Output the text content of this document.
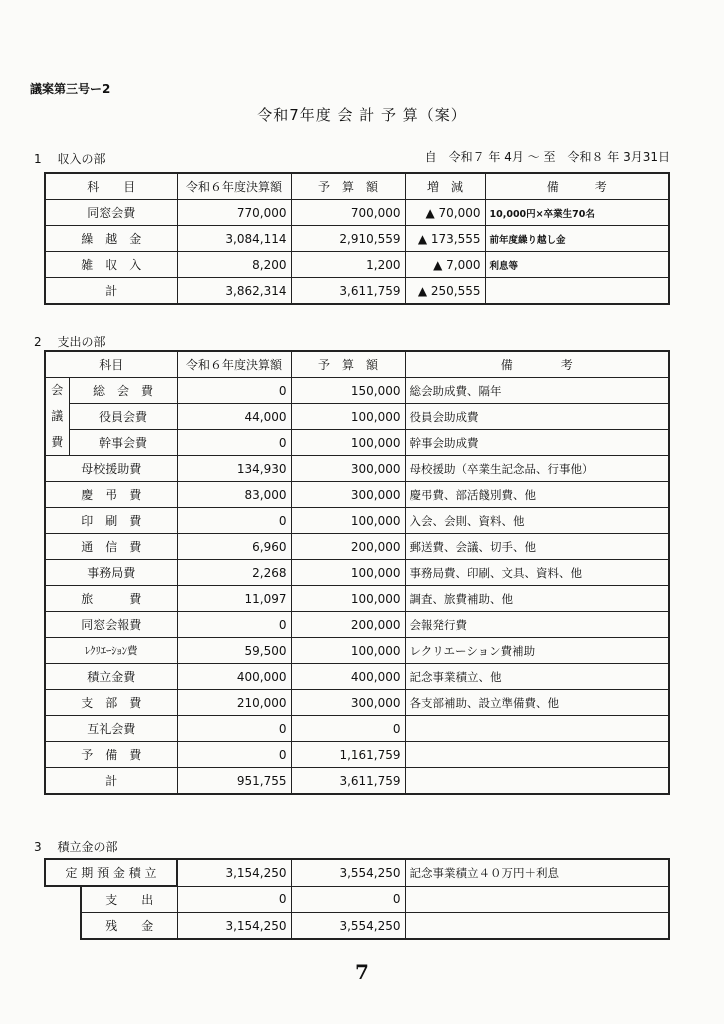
議案第三号ー2
令和7年度 会 計 予 算（案）
1　 収入の部	自　令和７ 年 4月 ～ 至　令和８ 年 3月31日
科　　目	令和６年度決算額	予　算　額	増　減	備　　　考
同窓会費	770,000	700,000	▲ 70,000	10,000円×卒業生70名
繰　越　金	3,084,114	2,910,559	▲ 173,555	前年度繰り越し金
雑　収　入	8,200	1,200	▲ 7,000	利息等
計	3,862,314	3,611,759	▲ 250,555	
2　 支出の部
科目		令和６年度決算額	予　算　額	備　　　　考

会
議
費	総　会　費	0	150,000	総会助成費、隔年
	役員会費	44,000	100,000	役員会助成費
	幹事会費	0	100,000	幹事会助成費
母校援助費		134,930	300,000	母校援助（卒業生記念品、行事他）
慶　弔　費		83,000	300,000	慶弔費、部活餞別費、他
印　刷　費		0	100,000	入会、会則、資料、他
通　信　費		6,960	200,000	郵送費、会議、切手、他
事務局費		2,268	100,000	事務局費、印刷、文具、資料、他
旅　　　費		11,097	100,000	調査、旅費補助、他
同窓会報費		0	200,000	会報発行費
ﾚｸﾘｴｰｼｮﾝ費		59,500	100,000	レクリエーション費補助
積立金費		400,000	400,000	記念事業積立、他
支　部　費		210,000	300,000	各支部補助、設立準備費、他
互礼会費		0	0	
予　備　費		0	1,161,759	
計		951,755	3,611,759	
3　 積立金の部
定 期 預 金 積 立		3,154,250	3,554,250	記念事業積立４０万円＋利息
	支　　出	0	0	
	残　　金	3,154,250	3,554,250	
7
